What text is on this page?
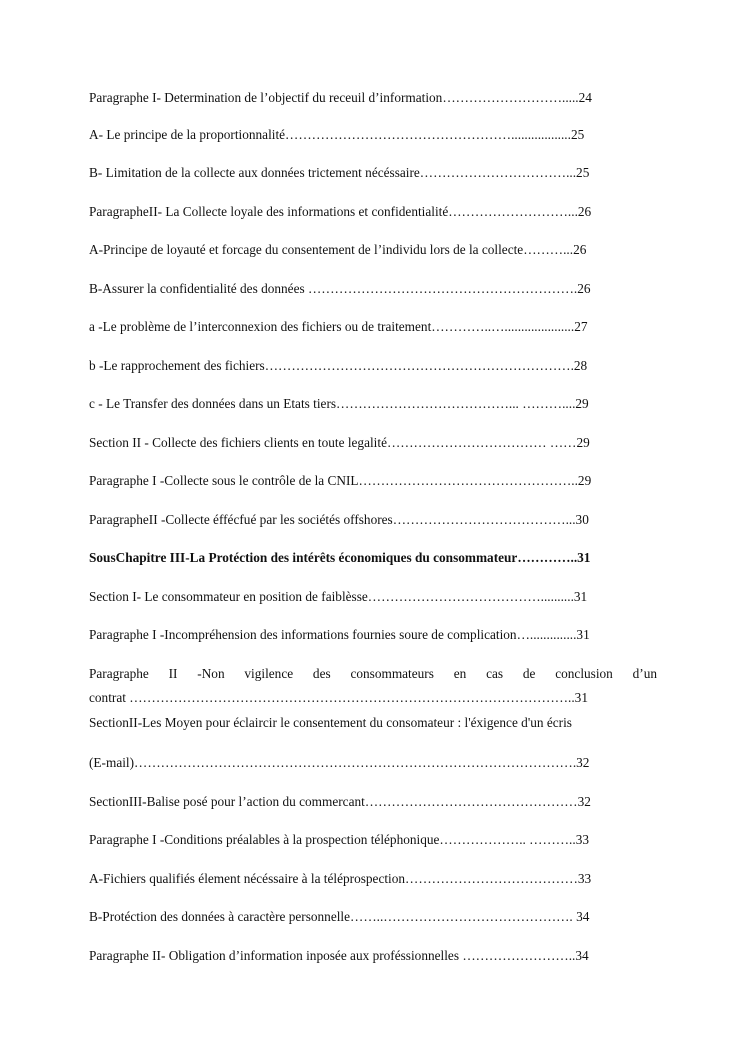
Paragraphe I- Determination de l’objectif du receuil d’information……………………….....24
A- Le principe de la proportionnalité……………………………………………..................25
B- Limitation de la collecte aux données trictement nécéssaire……………………………...25
ParagrapheII- La Collecte loyale des informations et confidentialité………………………...26
A-Principe de loyauté et forcage du consentement de l’individu lors de la collecte………...26
B-Assurer la confidentialité des données …………………………………………………….26
a -Le problème de l’interconnexion des fichiers ou de traitement…………..….....................27
b -Le rapprochement des fichiers…………………………………………………………….28
c - Le Transfer des données dans un Etats tiers…………………………………... ………....29
Section II - Collecte des fichiers clients en toute legalité……………………………… ……29
Paragraphe I -Collecte sous le contrôle de la CNIL…………………………………………..29
ParagrapheII -Collecte éffécfué par les sociétés offshores…………………………………...30
SousChapitre III-La Protéction des intérêts économiques du consommateur…………..31
Section I- Le consommateur en position de faiblèsse…………………………………..........31
Paragraphe I -Incompréhension des informations fournies soure de complication…..............31
Paragraphe II -Non vigilence des consommateurs en cas de conclusion d’un
contrat ………………………………………………………………………………………..31
SectionII-Les Moyen pour éclaircir le consentement du consomateur : l'éxigence d'un écris
(E-mail)……………………………………………………………………………………….32
SectionIII-Balise posé pour l’action du commercant…………………………………………32
Paragraphe I -Conditions préalables à la prospection téléphonique……………….. ………..33
A-Fichiers qualifiés élement nécéssaire à la téléprospection…………………………………33
B-Protéction des données à caractère personnelle……..……………………………………. 34
Paragraphe II- Obligation d’information inposée aux proféssionnelles ……………………..34
